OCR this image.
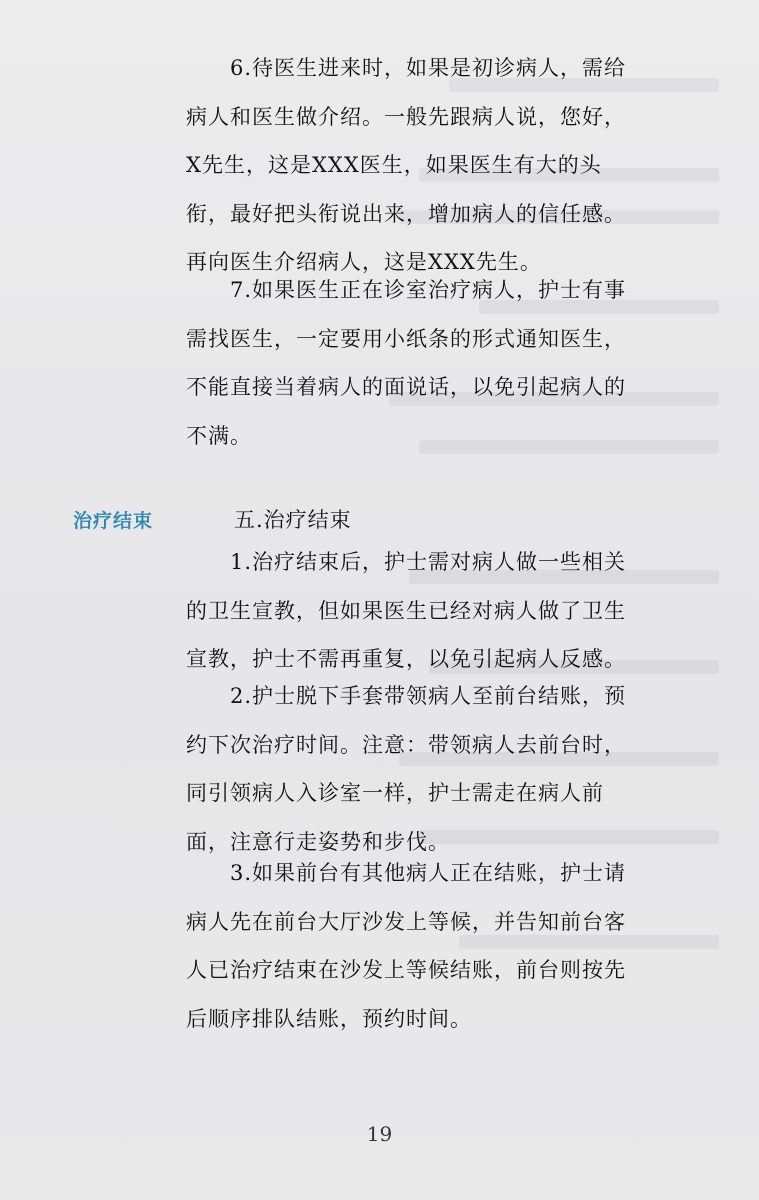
6.待医生进来时，如果是初诊病人，需给
病人和医生做介绍。一般先跟病人说，您好，
X先生，这是XXX医生，如果医生有大的头
衔，最好把头衔说出来，增加病人的信任感。
再向医生介绍病人，这是XXX先生。

7.如果医生正在诊室治疗病人，护士有事
需找医生，一定要用小纸条的形式通知医生，
不能直接当着病人的面说话，以免引起病人的
不满。

治疗结束	五.治疗结束

1.治疗结束后，护士需对病人做一些相关
的卫生宣教，但如果医生已经对病人做了卫生
宣教，护士不需再重复，以免引起病人反感。

2.护士脱下手套带领病人至前台结账，预
约下次治疗时间。注意：带领病人去前台时，
同引领病人入诊室一样，护士需走在病人前
面，注意行走姿势和步伐。

3.如果前台有其他病人正在结账，护士请
病人先在前台大厅沙发上等候，并告知前台客
人已治疗结束在沙发上等候结账，前台则按先
后顺序排队结账，预约时间。

19
